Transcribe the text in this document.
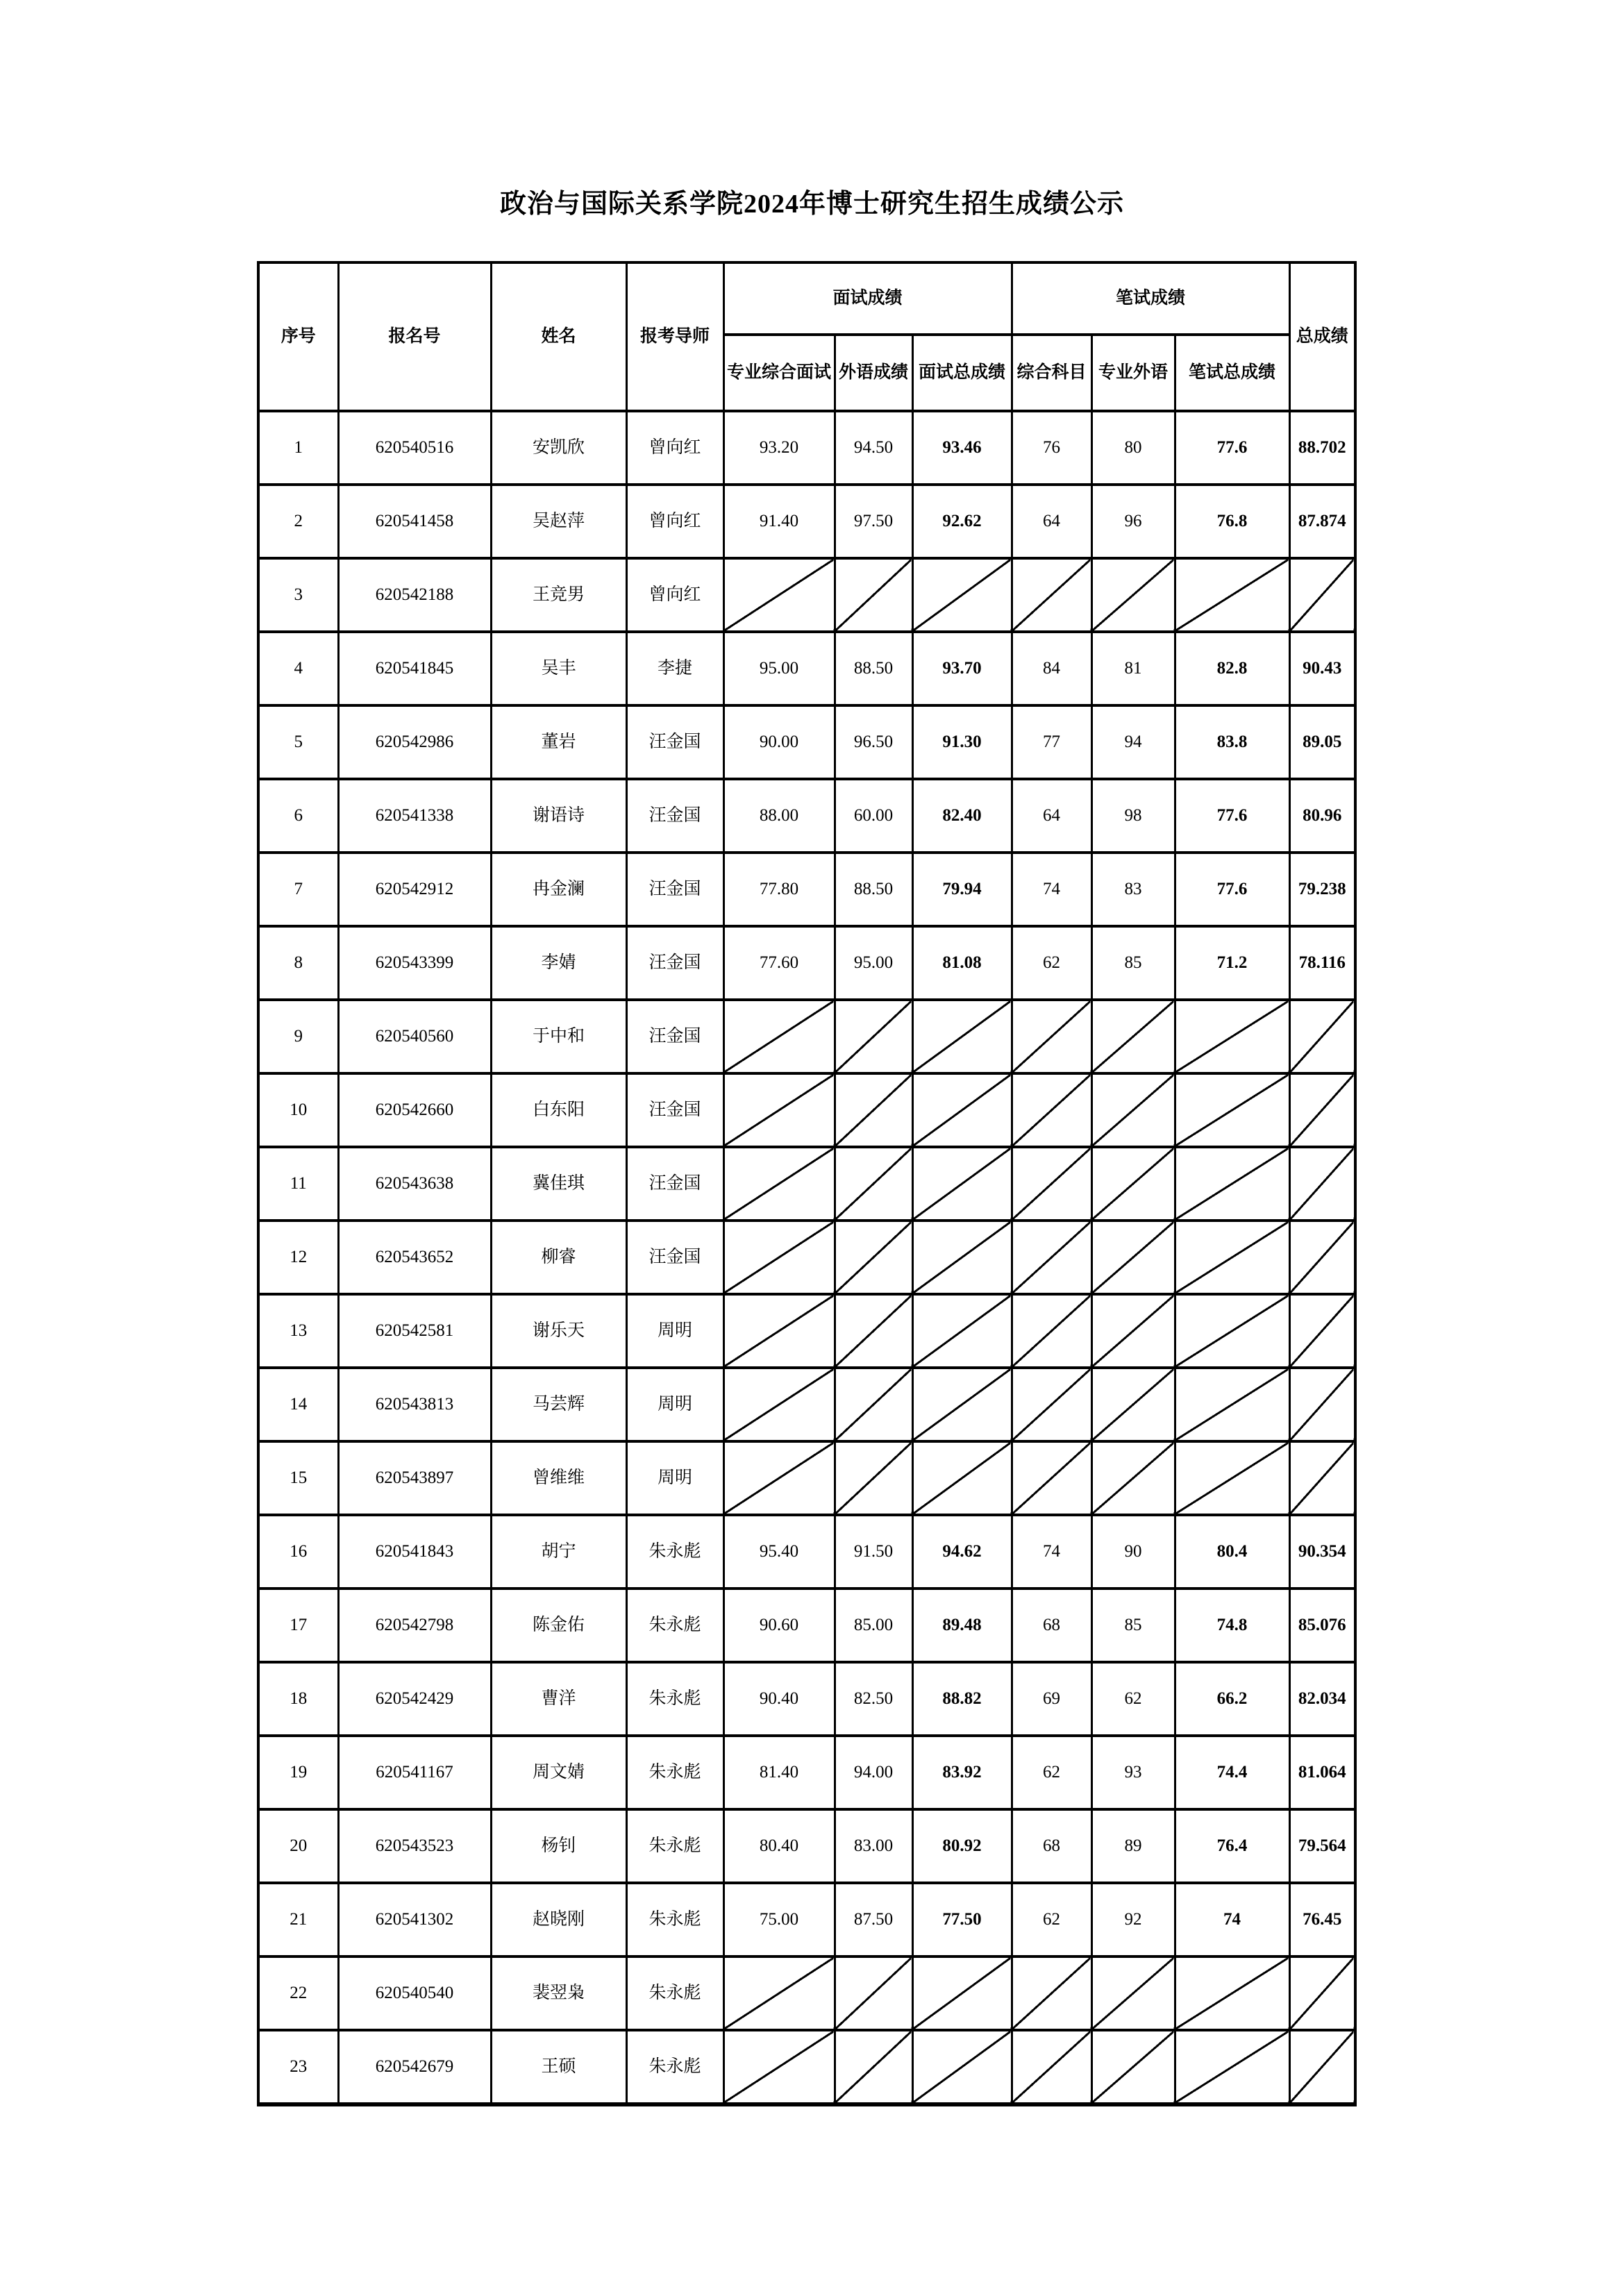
政治与国际关系学院2024年博士研究生招生成绩公示
序号	报名号	姓名	报考导师	面试成绩			笔试成绩			总成绩
				专业综合面试	外语成绩	面试总成绩	综合科目	专业外语	笔试总成绩	
1	620540516	安凯欣	曾向红	93.20	94.50	93.46	76	80	77.6	88.702
2	620541458	吴赵萍	曾向红	91.40	97.50	92.62	64	96	76.8	87.874
3	620542188	王竞男	曾向红							
4	620541845	吴丰	李捷	95.00	88.50	93.70	84	81	82.8	90.43
5	620542986	董岩	汪金国	90.00	96.50	91.30	77	94	83.8	89.05
6	620541338	谢语诗	汪金国	88.00	60.00	82.40	64	98	77.6	80.96
7	620542912	冉金澜	汪金国	77.80	88.50	79.94	74	83	77.6	79.238
8	620543399	李婧	汪金国	77.60	95.00	81.08	62	85	71.2	78.116
9	620540560	于中和	汪金国							
10	620542660	白东阳	汪金国							
11	620543638	冀佳琪	汪金国							
12	620543652	柳睿	汪金国							
13	620542581	谢乐天	周明							
14	620543813	马芸辉	周明							
15	620543897	曾维维	周明							
16	620541843	胡宁	朱永彪	95.40	91.50	94.62	74	90	80.4	90.354
17	620542798	陈金佑	朱永彪	90.60	85.00	89.48	68	85	74.8	85.076
18	620542429	曹洋	朱永彪	90.40	82.50	88.82	69	62	66.2	82.034
19	620541167	周文婧	朱永彪	81.40	94.00	83.92	62	93	74.4	81.064
20	620543523	杨钊	朱永彪	80.40	83.00	80.92	68	89	76.4	79.564
21	620541302	赵晓刚	朱永彪	75.00	87.50	77.50	62	92	74	76.45
22	620540540	裴翌枭	朱永彪							
23	620542679	王硕	朱永彪							
